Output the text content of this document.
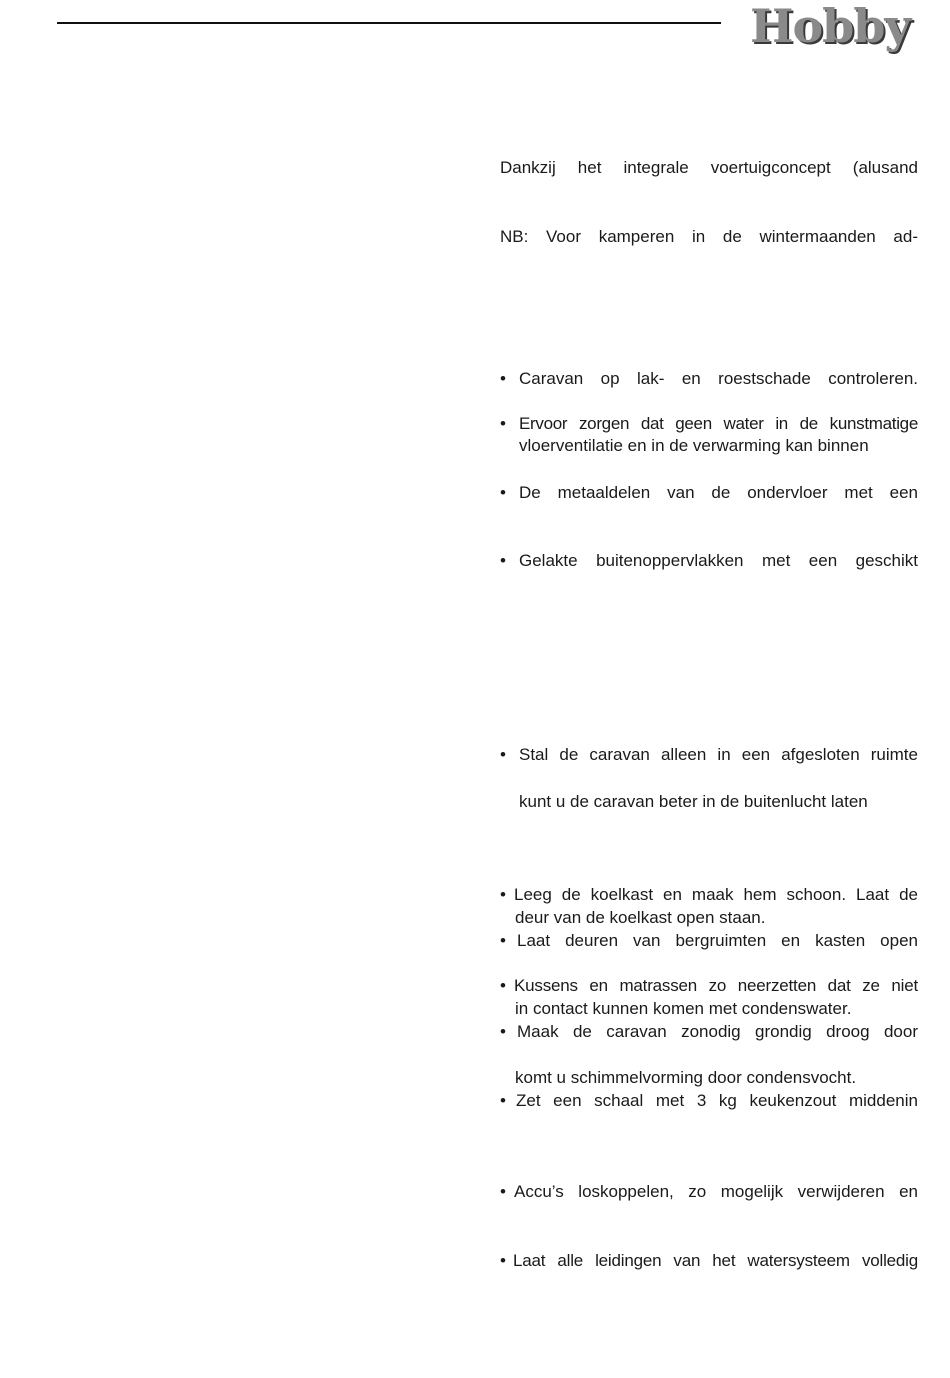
Hobby
Dankzij het integrale voertuigconcept (alusand
NB: Voor kamperen in de wintermaanden ad-
• Caravan op lak- en roestschade controleren.
• Ervoor zorgen dat geen water in de kunstmatige
vloerventilatie en in de verwarming kan binnen
• De metaaldelen van de ondervloer met een
• Gelakte buitenoppervlakken met een geschikt
• Stal de caravan alleen in een afgesloten ruimte
kunt u de caravan beter in de buitenlucht laten
• Leeg de koelkast en maak hem schoon. Laat de
deur van de koelkast open staan.
• Laat deuren van bergruimten en kasten open
• Kussens en matrassen zo neerzetten dat ze niet
in contact kunnen komen met condenswater.
• Maak de caravan zonodig grondig droog door
komt u schimmelvorming door condensvocht.
• Zet een schaal met 3 kg keukenzout middenin
• Accu’s loskoppelen, zo mogelijk verwijderen en
• Laat alle leidingen van het watersysteem volledig
